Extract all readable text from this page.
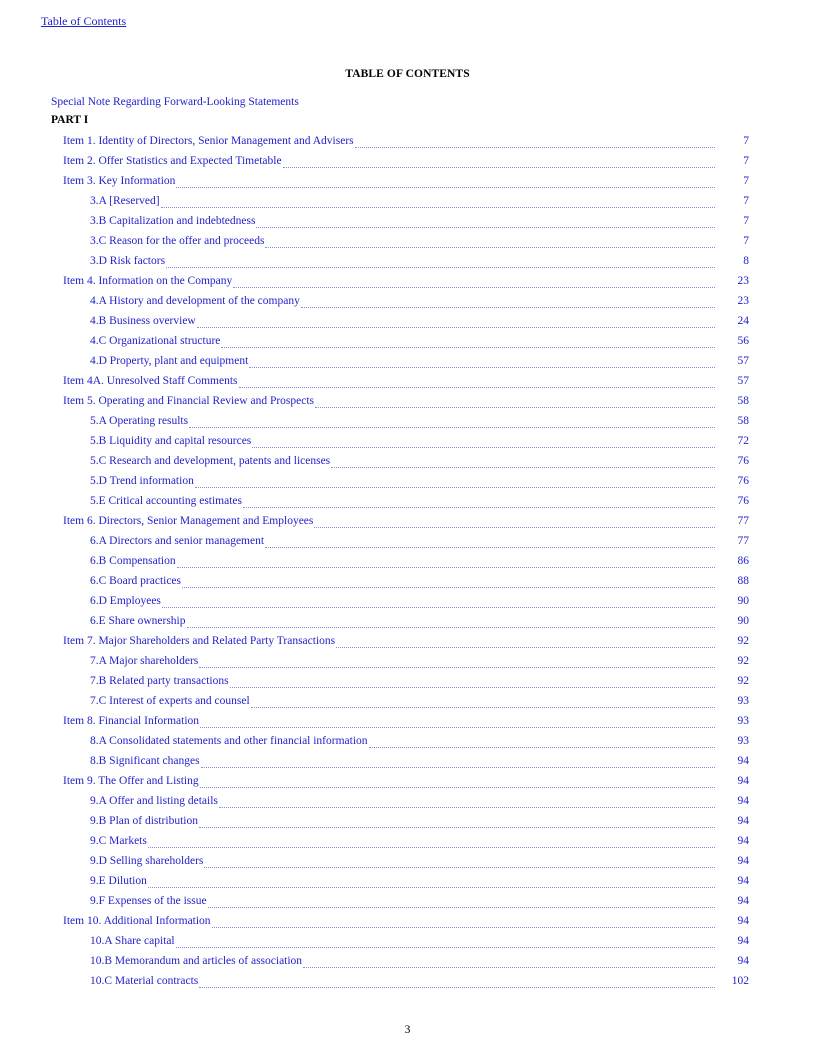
Table of Contents
TABLE OF CONTENTS
Special Note Regarding Forward-Looking Statements
PART I
Item 1. Identity of Directors, Senior Management and Advisers	7
Item 2. Offer Statistics and Expected Timetable	7
Item 3. Key Information	7
3.A [Reserved]	7
3.B Capitalization and indebtedness	7
3.C Reason for the offer and proceeds	7
3.D Risk factors	8
Item 4. Information on the Company	23
4.A History and development of the company	23
4.B Business overview	24
4.C Organizational structure	56
4.D Property, plant and equipment	57
Item 4A. Unresolved Staff Comments	57
Item 5. Operating and Financial Review and Prospects	58
5.A Operating results	58
5.B Liquidity and capital resources	72
5.C Research and development, patents and licenses	76
5.D Trend information	76
5.E Critical accounting estimates	76
Item 6. Directors, Senior Management and Employees	77
6.A Directors and senior management	77
6.B Compensation	86
6.C Board practices	88
6.D Employees	90
6.E Share ownership	90
Item 7. Major Shareholders and Related Party Transactions	92
7.A Major shareholders	92
7.B Related party transactions	92
7.C Interest of experts and counsel	93
Item 8. Financial Information	93
8.A Consolidated statements and other financial information	93
8.B Significant changes	94
Item 9. The Offer and Listing	94
9.A Offer and listing details	94
9.B Plan of distribution	94
9.C Markets	94
9.D Selling shareholders	94
9.E Dilution	94
9.F Expenses of the issue	94
Item 10. Additional Information	94
10.A Share capital	94
10.B Memorandum and articles of association	94
10.C Material contracts	102
3
